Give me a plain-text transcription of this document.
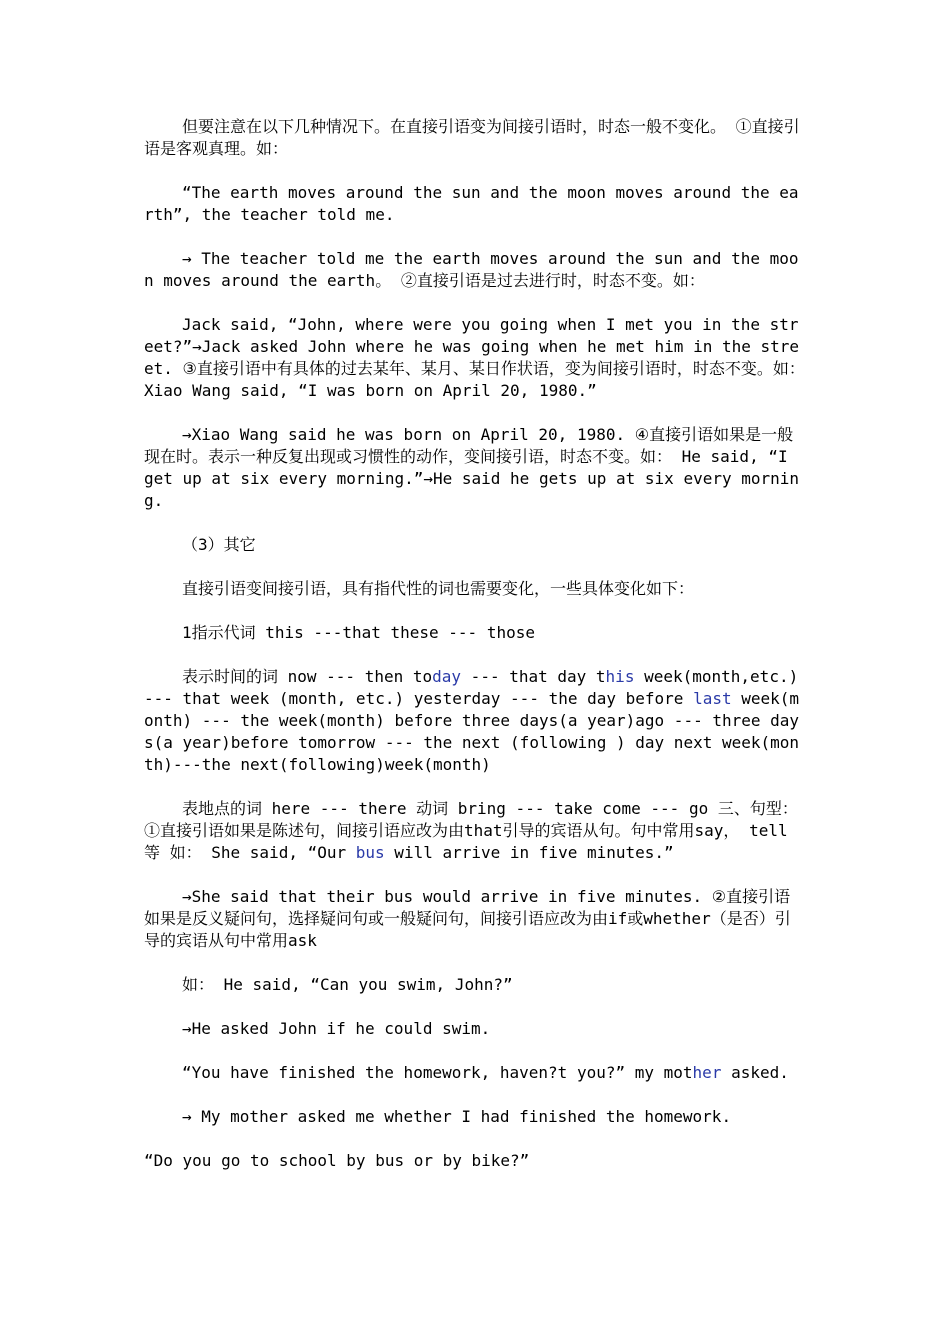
但要注意在以下几种情况下。在直接引语变为间接引语时，时态一般不变化。 ①直接引语是客观真理。如：

“The earth moves around the sun and the moon moves around the earth”, the teacher told me.

→ The teacher told me the earth moves around the sun and the moon moves around the earth。 ②直接引语是过去进行时，时态不变。如：

Jack said, “John, where were you going when I met you in the street?”→Jack asked John where he was going when he met him in the street. ③直接引语中有具体的过去某年、某月、某日作状语，变为间接引语时，时态不变。如： Xiao Wang said, “I was born on April 20, 1980.”

→Xiao Wang said he was born on April 20, 1980. ④直接引语如果是一般现在时。表示一种反复出现或习惯性的动作，变间接引语，时态不变。如： He said, “I get up at six every morning.”→He said he gets up at six every morning.

（3）其它

直接引语变间接引语，具有指代性的词也需要变化，一些具体变化如下：

1指示代词 this ---that these --- those

表示时间的词 now --- then today --- that day this week(month,etc.) --- that week (month, etc.) yesterday --- the day before last week(month) --- the week(month) before three days(a year)ago --- three days(a year)before tomorrow --- the next (following ) day next week(month)---the next(following)week(month)

表地点的词 here --- there 动词 bring --- take come --- go 三、句型： ①直接引语如果是陈述句，间接引语应改为由that引导的宾语从句。句中常用say， tell 等 如： She said, “Our bus will arrive in five minutes.”

→She said that their bus would arrive in five minutes. ②直接引语如果是反义疑问句，选择疑问句或一般疑问句，间接引语应改为由if或whether（是否）引导的宾语从句中常用ask

如： He said, “Can you swim, John?”

→He asked John if he could swim.

“You have finished the homework, haven?t you?” my mother asked.

→ My mother asked me whether I had finished the homework.

“Do you go to school by bus or by bike?”
